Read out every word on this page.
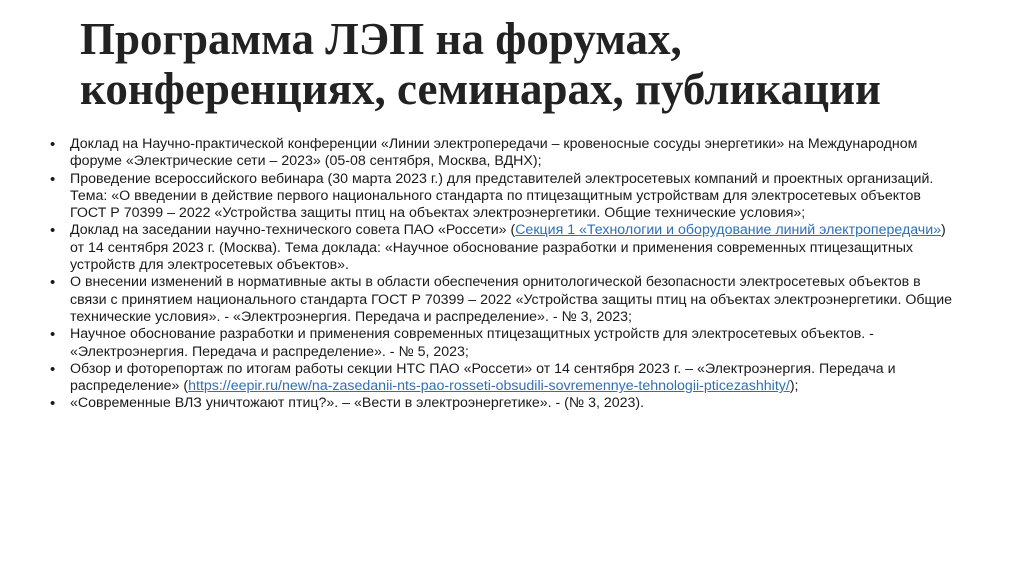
Программа ЛЭП на форумах,
конференциях, семинарах, публикации
• Доклад на Научно-практической конференции «Линии электропередачи – кровеносные сосуды энергетики» на Международном форуме «Электрические сети – 2023» (05-08 сентября, Москва, ВДНХ);
• Проведение всероссийского вебинара (30 марта 2023 г.) для представителей электросетевых компаний и проектных организаций. Тема: «О введении в действие первого национального стандарта по птицезащитным устройствам для электросетевых объектов ГОСТ Р 70399 – 2022 «Устройства защиты птиц на объектах электроэнергетики. Общие технические условия»;
• Доклад на заседании научно-технического совета ПАО «Россети» (Секция 1 «Технологии и оборудование линий электропередачи») от 14 сентября 2023 г. (Москва). Тема доклада: «Научное обоснование разработки и применения современных птицезащитных устройств для электросетевых объектов».
• О внесении изменений в нормативные акты в области обеспечения орнитологической безопасности электросетевых объектов в связи с принятием национального стандарта ГОСТ Р 70399 – 2022 «Устройства защиты птиц на объектах электроэнергетики. Общие технические условия». - «Электроэнергия. Передача и распределение». - № 3, 2023;
• Научное обоснование разработки и применения современных птицезащитных устройств для электросетевых объектов. - «Электроэнергия. Передача и распределение». - № 5, 2023;
• Обзор и фоторепортаж по итогам работы секции НТС ПАО «Россети» от 14 сентября 2023 г. – «Электроэнергия. Передача и распределение» (https://eepir.ru/new/na-zasedanii-nts-pao-rosseti-obsudili-sovremennye-tehnologii-pticezashhity/);
• «Современные ВЛЗ уничтожают птиц?». – «Вести в электроэнергетике». - (№ 3, 2023).
